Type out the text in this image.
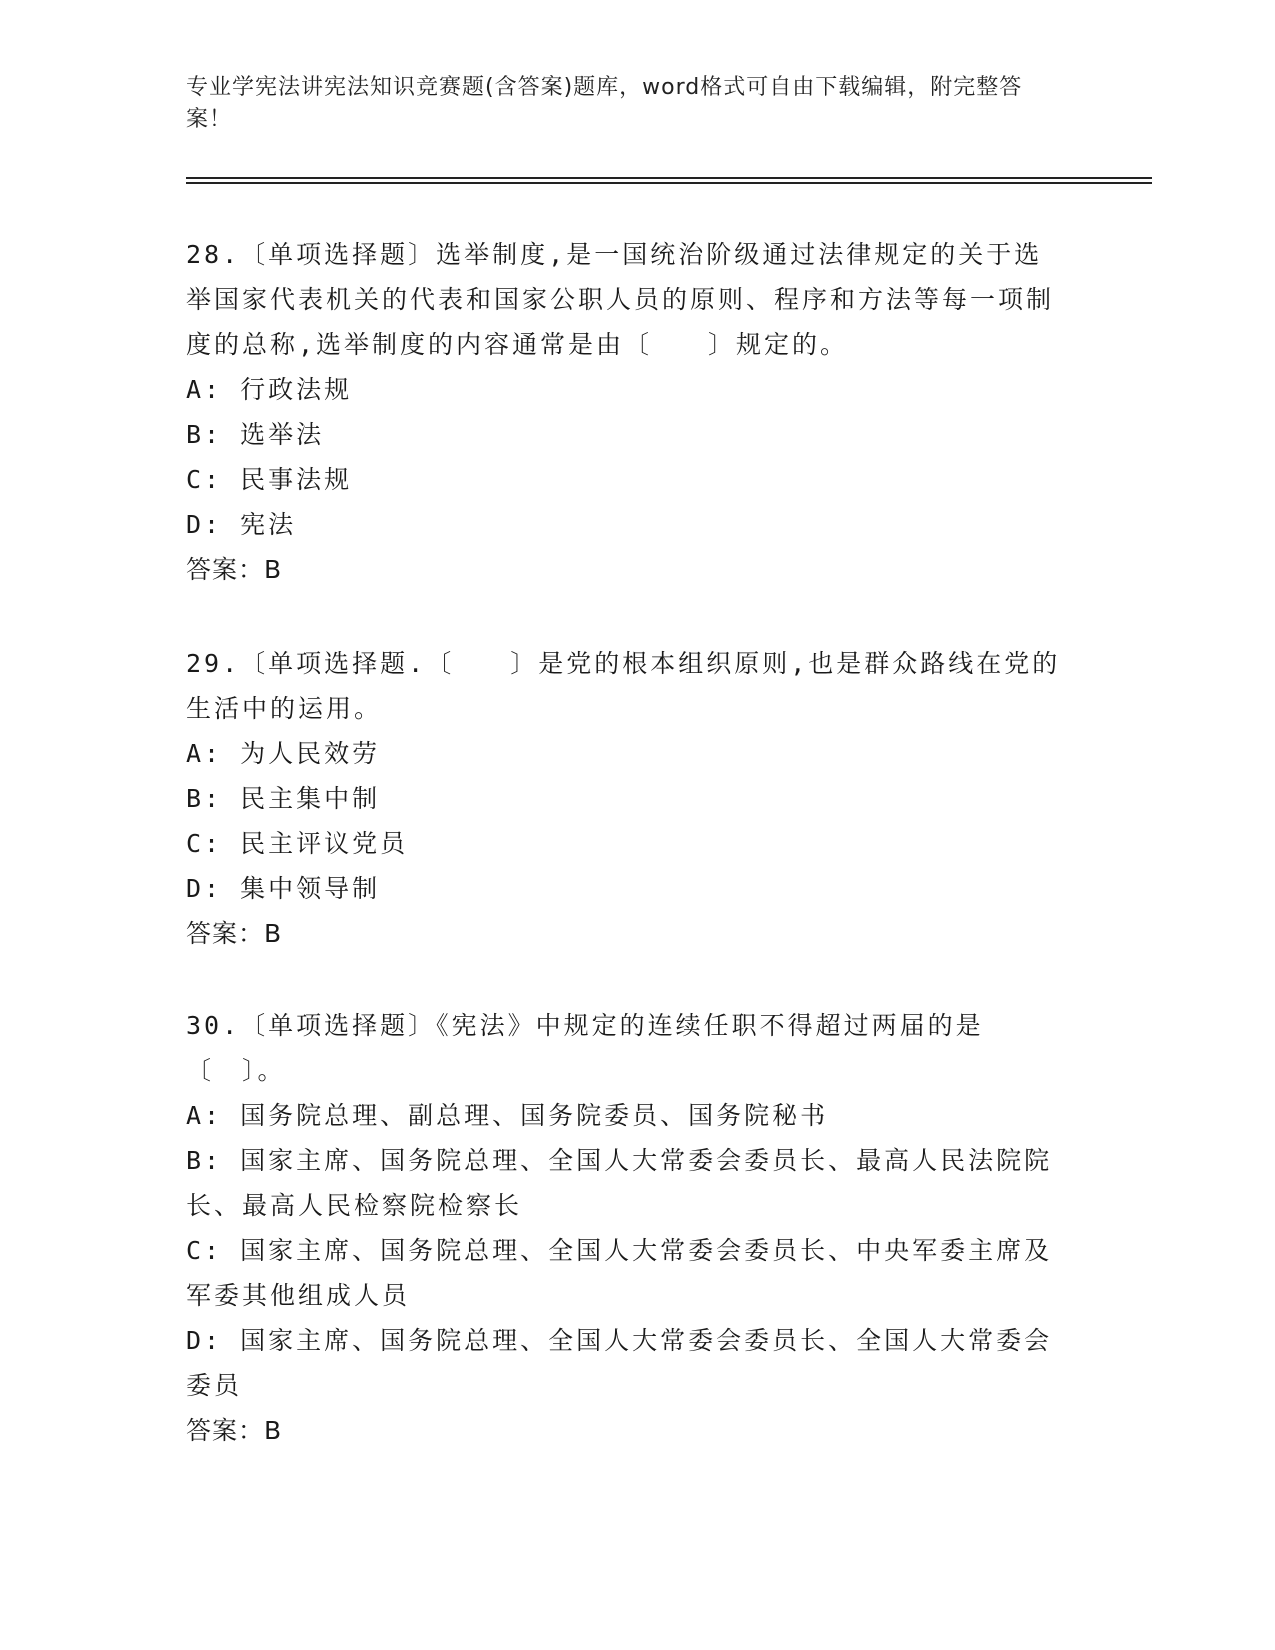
专业学宪法讲宪法知识竞赛题(含答案)题库，word格式可自由下载编辑，附完整答案！
28.〔单项选择题〕选举制度,是一国统治阶级通过法律规定的关于选举国家代表机关的代表和国家公职人员的原则、程序和方法等每一项制度的总称,选举制度的内容通常是由〔　　〕规定的。
A: 行政法规
B: 选举法
C: 民事法规
D: 宪法
答案：B
29.〔单项选择题.〔　　〕是党的根本组织原则,也是群众路线在党的生活中的运用。
A: 为人民效劳
B: 民主集中制
C: 民主评议党员
D: 集中领导制
答案：B
30.〔单项选择题〕《宪法》中规定的连续任职不得超过两届的是〔　〕。
A: 国务院总理、副总理、国务院委员、国务院秘书
B: 国家主席、国务院总理、全国人大常委会委员长、最高人民法院院长、最高人民检察院检察长
C: 国家主席、国务院总理、全国人大常委会委员长、中央军委主席及军委其他组成人员
D: 国家主席、国务院总理、全国人大常委会委员长、全国人大常委会委员
答案：B
